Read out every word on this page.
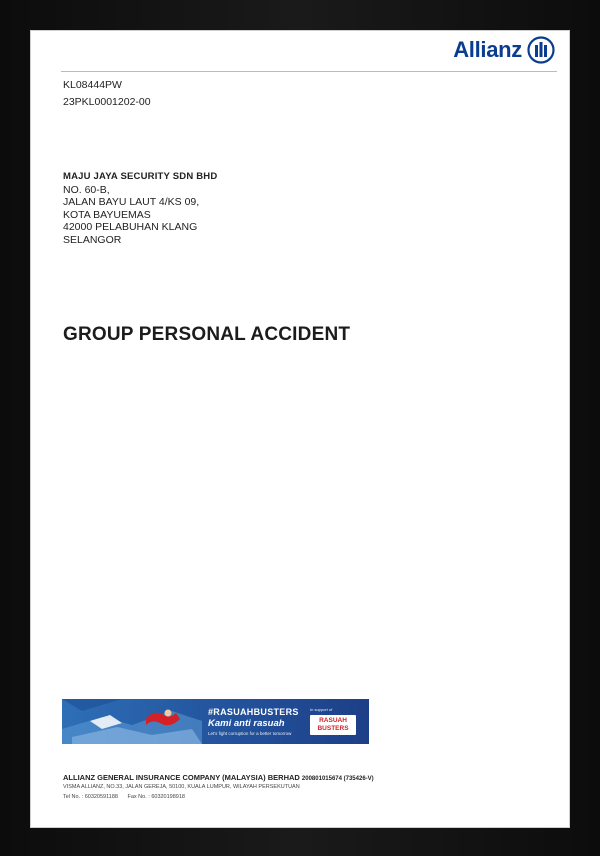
Allianz
KL08444PW
23PKL0001202-00
MAJU JAYA SECURITY SDN BHD
NO. 60-B,
JALAN BAYU LAUT 4/KS 09,
KOTA BAYUEMAS
42000 PELABUHAN KLANG
SELANGOR
GROUP PERSONAL ACCIDENT
#RASUAHBUSTERS
Kami anti rasuah
Let's fight corruption for a better tomorrow
In support of
RASUAH BUSTERS
ALLIANZ GENERAL INSURANCE COMPANY (MALAYSIA) BERHAD 200801015674 (735426-V)
VISMA ALLIANZ, NO.33, JALAN GEREJA, 50100, KUALA LUMPUR, WILAYAH PERSEKUTUAN
Tel No. : 60320591188 Fax No. : 60320198918
